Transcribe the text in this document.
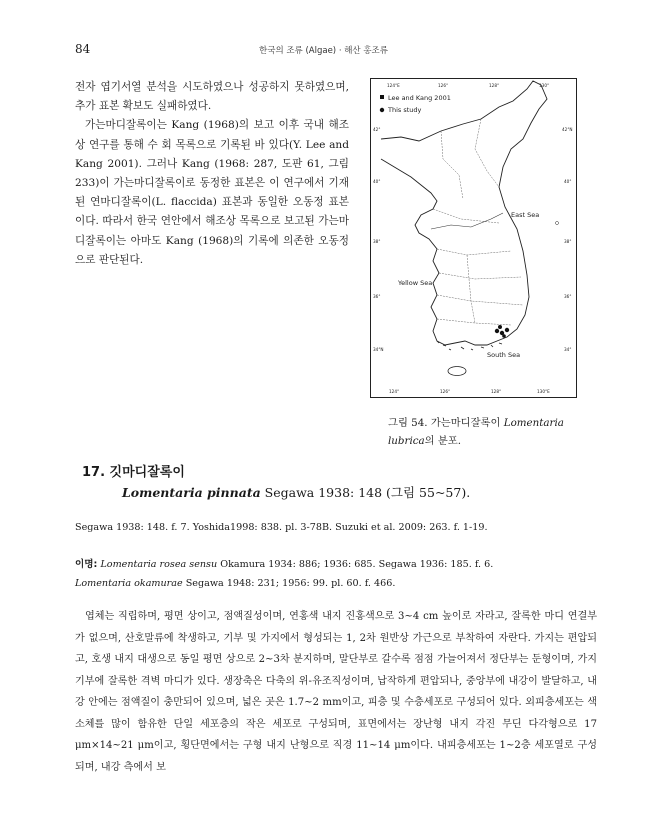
84	한국의 조류 (Algae) · 해산 홍조류

전자 엽기서열 분석을 시도하였으나 성공하지 못하였으며, 추가 표본 확보도 실패하였다.

가는마디잘록이는 Kang (1968)의 보고 이후 국내 해조상 연구를 통해 수 회 목록으로 기록된 바 있다(Y. Lee and Kang 2001). 그러나 Kang (1968: 287, 도판 61, 그림 233)이 가는마디잘록이로 동정한 표본은 이 연구에서 기재된 연마디잘록이(L. flaccida) 표본과 동일한 오동정 표본이다. 따라서 한국 연안에서 해조상 목록으로 보고된 가는마디잘록이는 아마도 Kang (1968)의 기록에 의존한 오동정으로 판단된다.

124°E	126°	128°	130°
124°	126°	128°	130°E
42°
40°
38°
36°
34°N
42°N
40°
38°
36°
34°
Lee and Kang 2001
This study
East Sea
Yellow Sea
South Sea
그림 54. 가는마디잘록이 Lomentaria lubrica의 분포.
17. 깃마디잘록이
Lomentaria pinnata Segawa 1938: 148 (그림 55~57).
Segawa 1938: 148. f. 7. Yoshida1998: 838. pl. 3-78B. Suzuki et al. 2009: 263. f. 1-19.
이명: Lomentaria rosea sensu Okamura 1934: 886; 1936: 685. Segawa 1936: 185. f. 6.
Lomentaria okamurae Segawa 1948: 231; 1956: 99. pl. 60. f. 466.
엽체는 직립하며, 평면 상이고, 점액질성이며, 연홍색 내지 진홍색으로 3~4 cm 높이로 자라고, 잘록한 마디 연결부가 없으며, 산호말류에 착생하고, 기부 및 가지에서 형성되는 1, 2차 원반상 가근으로 부착하여 자란다. 가지는 편압되고, 호생 내지 대생으로 동일 평면 상으로 2~3차 분지하며, 말단부로 갈수록 점점 가늘어져서 정단부는 둔형이며, 가지 기부에 잘록한 격벽 마디가 있다. 생장축은 다축의 위-유조직성이며, 납작하게 편압되나, 중앙부에 내강이 발달하고, 내강 안에는 점액질이 충만되어 있으며, 넓은 곳은 1.7~2 mm이고, 피층 및 수층세포로 구성되어 있다. 외피층세포는 색소체를 많이 함유한 단일 세포층의 작은 세포로 구성되며, 표면에서는 장난형 내지 각진 무딘 다각형으로 17 μm×14~21 μm이고, 횡단면에서는 구형 내지 난형으로 직경 11~14 μm이다. 내피층세포는 1~2층 세포열로 구성되며, 내강 측에서 보
